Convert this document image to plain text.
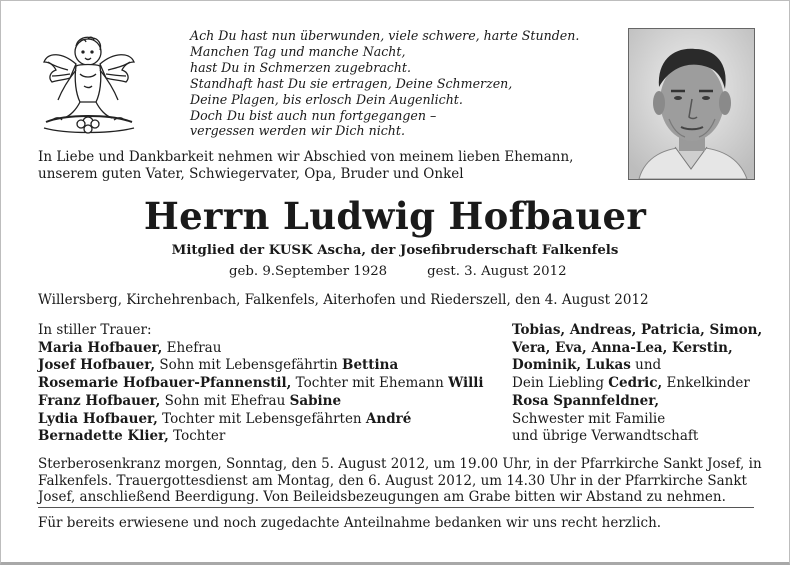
Ach Du hast nun überwunden, viele schwere, harte Stunden.
Manchen Tag und manche Nacht,
hast Du in Schmerzen zugebracht.
Standhaft hast Du sie ertragen, Deine Schmerzen,
Deine Plagen, bis erlosch Dein Augenlicht.
Doch Du bist auch nun fortgegangen –
vergessen werden wir Dich nicht.
In Liebe und Dankbarkeit nehmen wir Abschied von meinem lieben Ehemann,
unserem guten Vater, Schwiegervater, Opa, Bruder und Onkel
Herrn Ludwig Hofbauer
Mitglied der KUSK Ascha, der Josefibruderschaft Falkenfels
geb. 9.September 1928	gest. 3. August 2012
Willersberg, Kirchehrenbach, Falkenfels, Aiterhofen und Riederszell, den 4. August 2012
In stiller Trauer:
Maria Hofbauer, Ehefrau
Josef Hofbauer, Sohn mit Lebensgefährtin Bettina
Rosemarie Hofbauer-Pfannenstil, Tochter mit Ehemann Willi
Franz Hofbauer, Sohn mit Ehefrau Sabine
Lydia Hofbauer, Tochter mit Lebensgefährten André
Bernadette Klier, Tochter
Tobias, Andreas, Patricia, Simon,
Vera, Eva, Anna-Lea, Kerstin,
Dominik, Lukas und
Dein Liebling Cedric, Enkelkinder
Rosa Spannfeldner,
Schwester mit Familie
und übrige Verwandtschaft
Sterberosenkranz morgen, Sonntag, den 5. August 2012, um 19.00 Uhr, in der Pfarrkirche Sankt Josef, in
Falkenfels. Trauergottesdienst am Montag, den 6. August 2012, um 14.30 Uhr in der Pfarrkirche Sankt
Josef, anschließend Beerdigung. Von Beileidsbezeugungen am Grabe bitten wir Abstand zu nehmen.
Für bereits erwiesene und noch zugedachte Anteilnahme bedanken wir uns recht herzlich.
